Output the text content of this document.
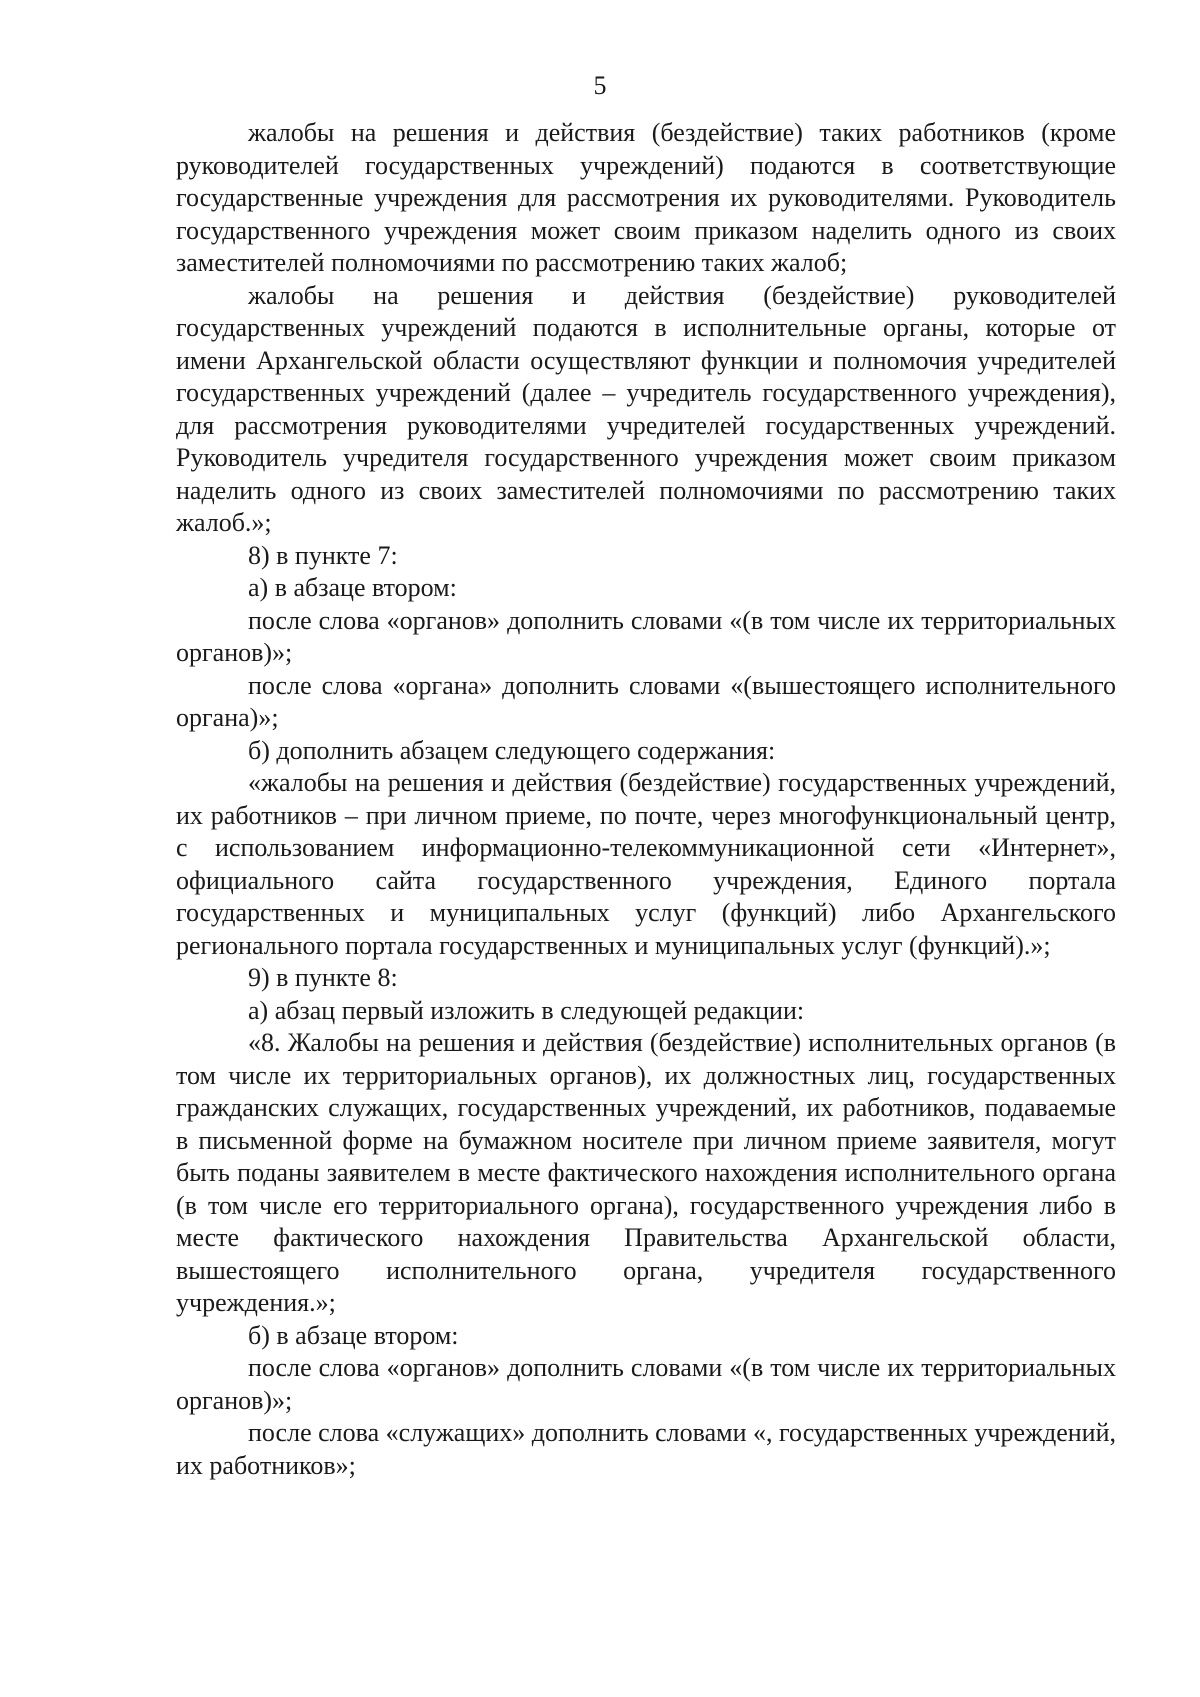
5

жалобы на решения и действия (бездействие) таких работников (кроме руководителей государственных учреждений) подаются в соответствующие государственные учреждения для рассмотрения их руководителями. Руководитель государственного учреждения может своим приказом наделить одного из своих заместителей полномочиями по рассмотрению таких жалоб;

жалобы на решения и действия (бездействие) руководителей государственных учреждений подаются в исполнительные органы, которые от имени Архангельской области осуществляют функции и полномочия учредителей государственных учреждений (далее – учредитель государственного учреждения), для рассмотрения руководителями учредителей государственных учреждений. Руководитель учредителя государственного учреждения может своим приказом наделить одного из своих заместителей полномочиями по рассмотрению таких жалоб.»;

8) в пункте 7:

а) в абзаце втором:

после слова «органов» дополнить словами «(в том числе их территориальных органов)»;

после слова «органа» дополнить словами «(вышестоящего исполнительного органа)»;

б) дополнить абзацем следующего содержания:

«жалобы на решения и действия (бездействие) государственных учреждений, их работников – при личном приеме, по почте, через многофункциональный центр, с использованием информационно-телекоммуникационной сети «Интернет», официального сайта государственного учреждения, Единого портала государственных и муниципальных услуг (функций) либо Архангельского регионального портала государственных и муниципальных услуг (функций).»;

9) в пункте 8:

а) абзац первый изложить в следующей редакции:

«8. Жалобы на решения и действия (бездействие) исполнительных органов (в том числе их территориальных органов), их должностных лиц, государственных гражданских служащих, государственных учреждений, их работников, подаваемые в письменной форме на бумажном носителе при личном приеме заявителя, могут быть поданы заявителем в месте фактического нахождения исполнительного органа (в том числе его территориального органа), государственного учреждения либо в месте фактического нахождения Правительства Архангельской области, вышестоящего исполнительного органа, учредителя государственного учреждения.»;

б) в абзаце втором:

после слова «органов» дополнить словами «(в том числе их территориальных органов)»;

после слова «служащих» дополнить словами «, государственных учреждений, их работников»;
